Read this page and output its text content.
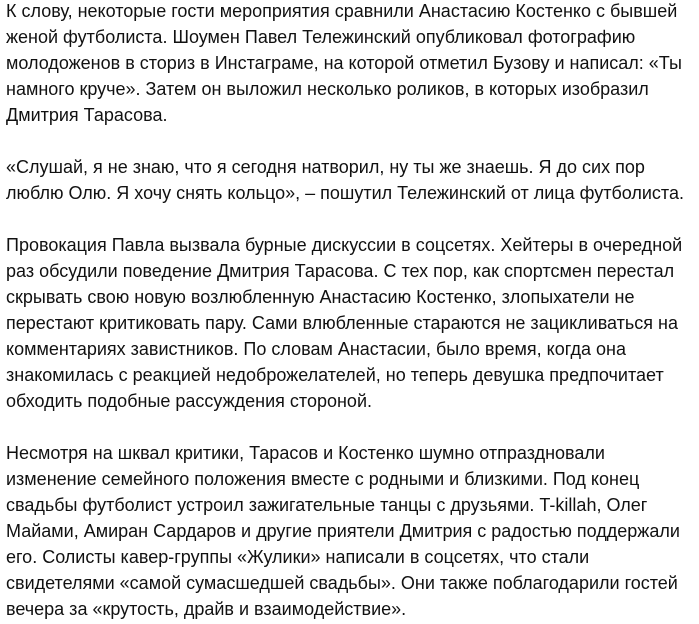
К слову, некоторые гости мероприятия сравнили Анастасию Костенко с бывшей женой футболиста. Шоумен Павел Тележинский опубликовал фотографию молодоженов в сториз в Инстаграме, на которой отметил Бузову и написал: «Ты намного круче». Затем он выложил несколько роликов, в которых изобразил Дмитрия Тарасова.

«Слушай, я не знаю, что я сегодня натворил, ну ты же знаешь. Я до сих пор люблю Олю. Я хочу снять кольцо», – пошутил Тележинский от лица футболиста.

Провокация Павла вызвала бурные дискуссии в соцсетях. Хейтеры в очередной раз обсудили поведение Дмитрия Тарасова. С тех пор, как спортсмен перестал скрывать свою новую возлюбленную Анастасию Костенко, злопыхатели не перестают критиковать пару. Сами влюбленные стараются не зацикливаться на комментариях завистников. По словам Анастасии, было время, когда она знакомилась с реакцией недоброжелателей, но теперь девушка предпочитает обходить подобные рассуждения стороной.

Несмотря на шквал критики, Тарасов и Костенко шумно отпраздновали изменение семейного положения вместе с родными и близкими. Под конец свадьбы футболист устроил зажигательные танцы с друзьями. T-killah, Олег Майами, Амиран Сардаров и другие приятели Дмитрия с радостью поддержали его. Солисты кавер-группы «Жулики» написали в соцсетях, что стали свидетелями «самой сумасшедшей свадьбы». Они также поблагодарили гостей вечера за «крутость, драйв и взаимодействие».
